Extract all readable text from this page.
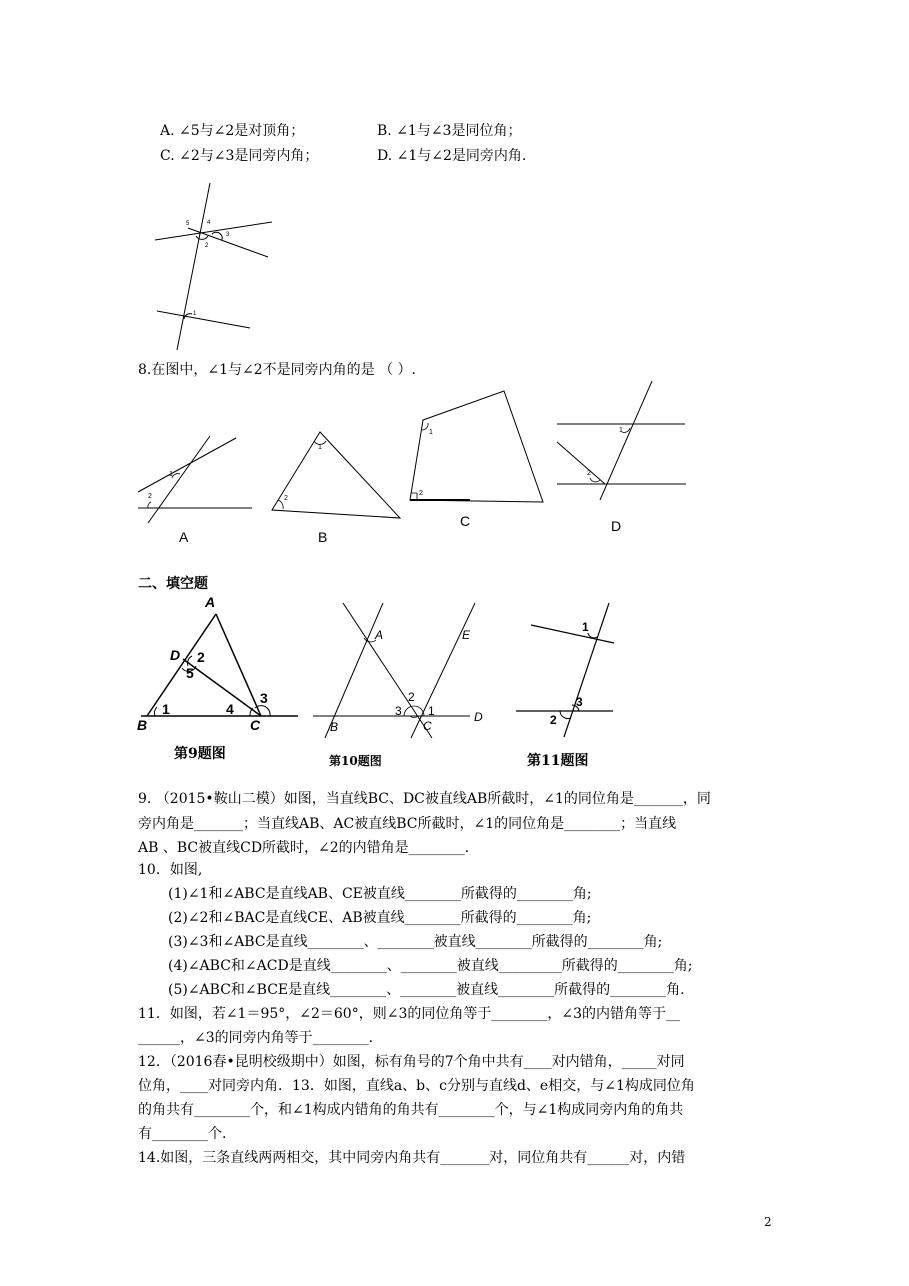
A. ∠5与∠2是对顶角；	B. ∠1与∠3是同位角；
C. ∠2与∠3是同旁内角；	D. ∠1与∠2是同旁内角.
5	4
3
2
1
8.在图中，∠1与∠2不是同旁内角的是 （ ）.
1
2
1
2
1
2
1
2
A	B
C	D
二、填空题
A
D 2
5
1	4
3
B	C
第9题图
A	E
2
3 1
B	C
D
第10题图
1
3
2
第11题图
9. （2015•鞍山二模）如图，当直线BC、DC被直线AB所截时，∠1的同位角是_______，同
旁内角是_______；当直线AB、AC被直线BC所截时，∠1的同位角是________；当直线
AB 、BC被直线CD所截时，∠2的内错角是________.
10．如图,
(1)∠1和∠ABC是直线AB、CE被直线________所截得的________角;
(2)∠2和∠BAC是直线CE、AB被直线________所截得的________角;
(3)∠3和∠ABC是直线________、________被直线________所截得的________角;
(4)∠ABC和∠ACD是直线________、________被直线_________所截得的________角;
(5)∠ABC和∠BCE是直线________、________被直线________所截得的________角.
11．如图，若∠1＝95°，∠2＝60°，则∠3的同位角等于________，∠3的内错角等于__
______，∠3的同旁内角等于________.
12．（2016春•昆明校级期中）如图，标有角号的7个角中共有____对内错角，_____对同
位角，____对同旁内角．13．如图，直线a、b、c分别与直线d、e相交，与∠1构成同位角
的角共有________个，和∠1构成内错角的角共有________个，与∠1构成同旁内角的角共
有________个.
14.如图，三条直线两两相交，其中同旁内角共有_______对，同位角共有______对，内错
2
